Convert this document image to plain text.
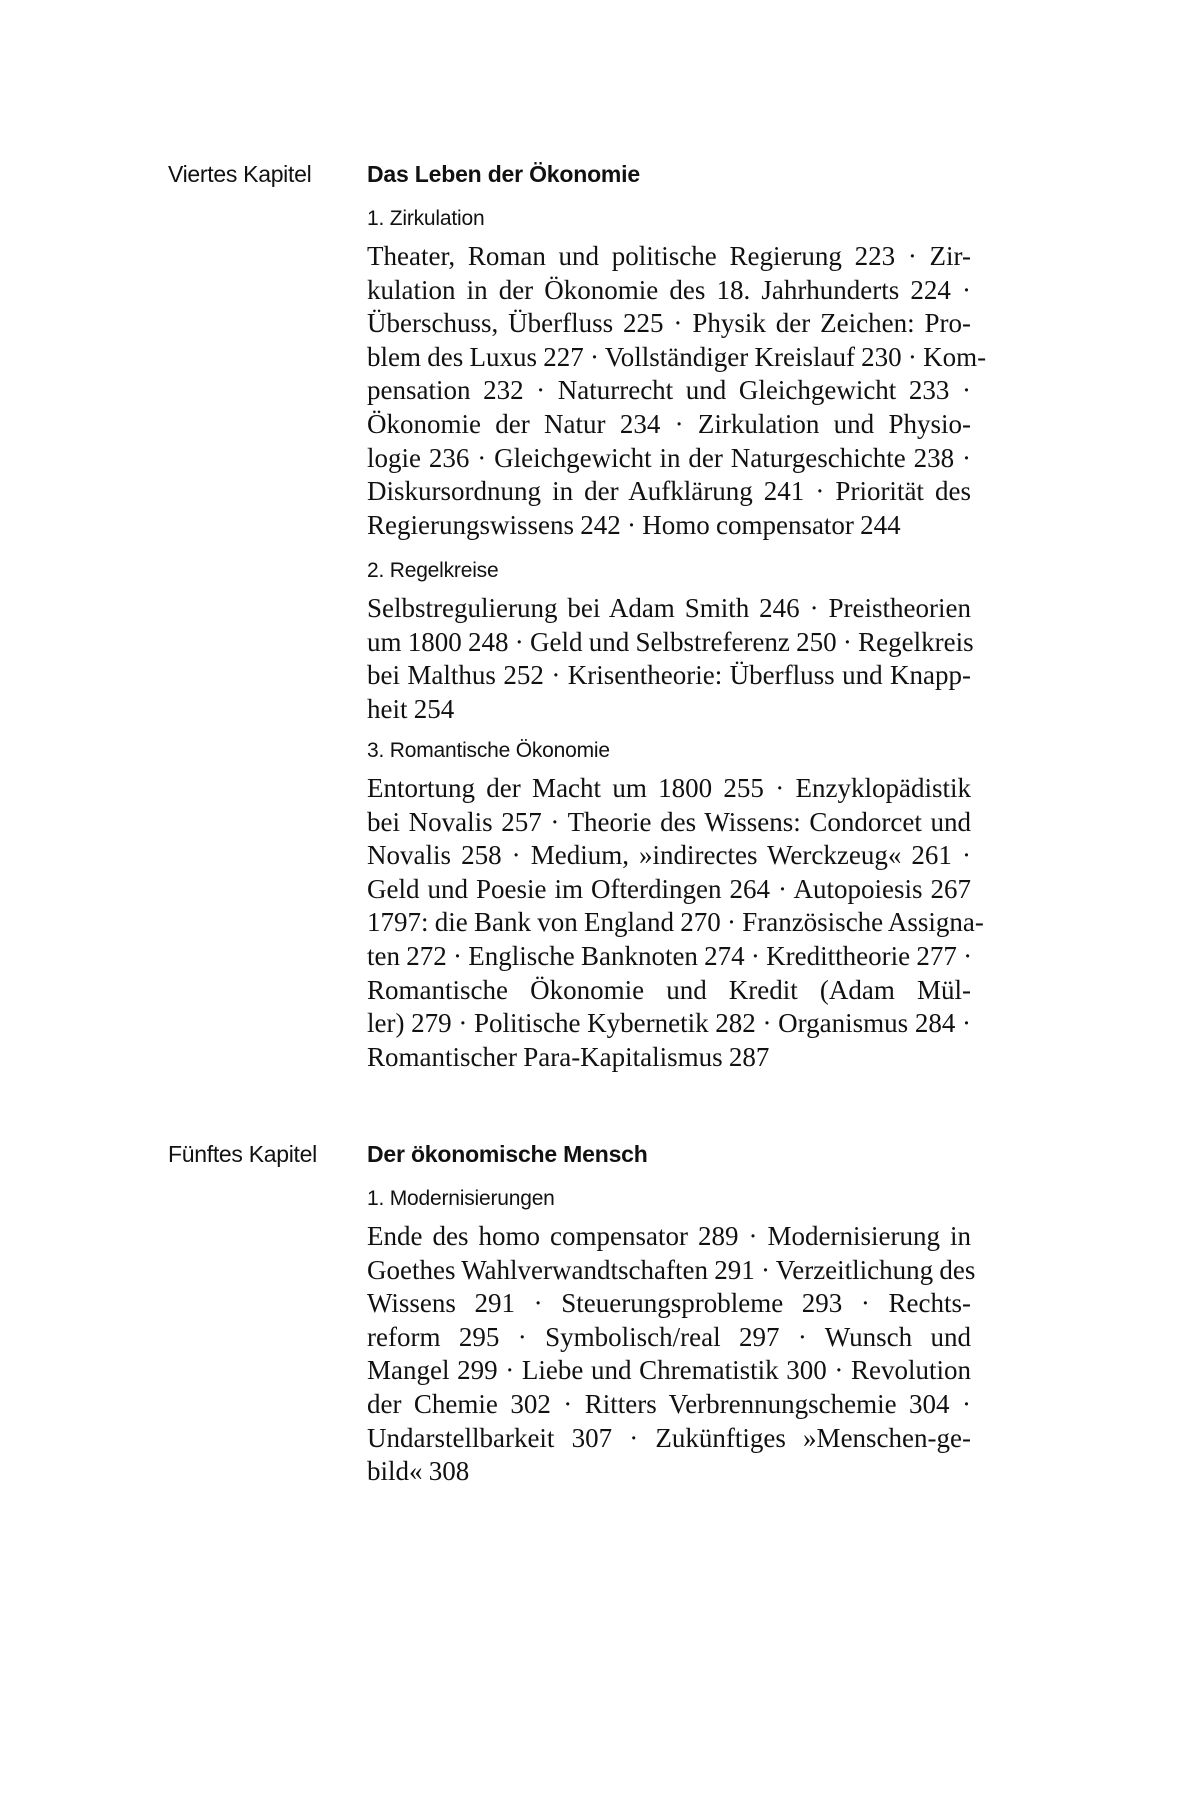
Viertes Kapitel Das Leben der Ökonomie
1. Zirkulation
Theater, Roman und politische Regierung 223 · Zir-
kulation in der Ökonomie des 18. Jahrhunderts 224 ·
Überschuss, Überfluss 225 · Physik der Zeichen: Pro-
blem des Luxus 227 · Vollständiger Kreislauf 230 · Kom-
pensation 232 · Naturrecht und Gleichgewicht 233 ·
Ökonomie der Natur 234 · Zirkulation und Physio-
logie 236 · Gleichgewicht in der Naturgeschichte 238 ·
Diskursordnung in der Aufklärung 241 · Priorität des
Regierungswissens 242 · Homo compensator 244
2. Regelkreise
Selbstregulierung bei Adam Smith 246 · Preistheorien
um 1800 248 · Geld und Selbstreferenz 250 · Regelkreis
bei Malthus 252 · Krisentheorie: Überfluss und Knapp-
heit 254
3. Romantische Ökonomie
Entortung der Macht um 1800 255 · Enzyklopädistik
bei Novalis 257 · Theorie des Wissens: Condorcet und
Novalis 258 · Medium, »indirectes Werckzeug« 261 ·
Geld und Poesie im Ofterdingen 264 · Autopoiesis 267
1797: die Bank von England 270 · Französische Assigna-
ten 272 · Englische Banknoten 274 · Kredittheorie 277 ·
Romantische Ökonomie und Kredit (Adam Mül-
ler) 279 · Politische Kybernetik 282 · Organismus 284 ·
Romantischer Para-Kapitalismus 287
Fünftes Kapitel Der ökonomische Mensch
1. Modernisierungen
Ende des homo compensator 289 · Modernisierung in
Goethes Wahlverwandtschaften 291 · Verzeitlichung des
Wissens 291 · Steuerungsprobleme 293 · Rechts-
reform 295 · Symbolisch/real 297 · Wunsch und
Mangel 299 · Liebe und Chrematistik 300 · Revolution
der Chemie 302 · Ritters Verbrennungschemie 304 ·
Undarstellbarkeit 307 · Zukünftiges »Menschen-ge-
bild« 308
